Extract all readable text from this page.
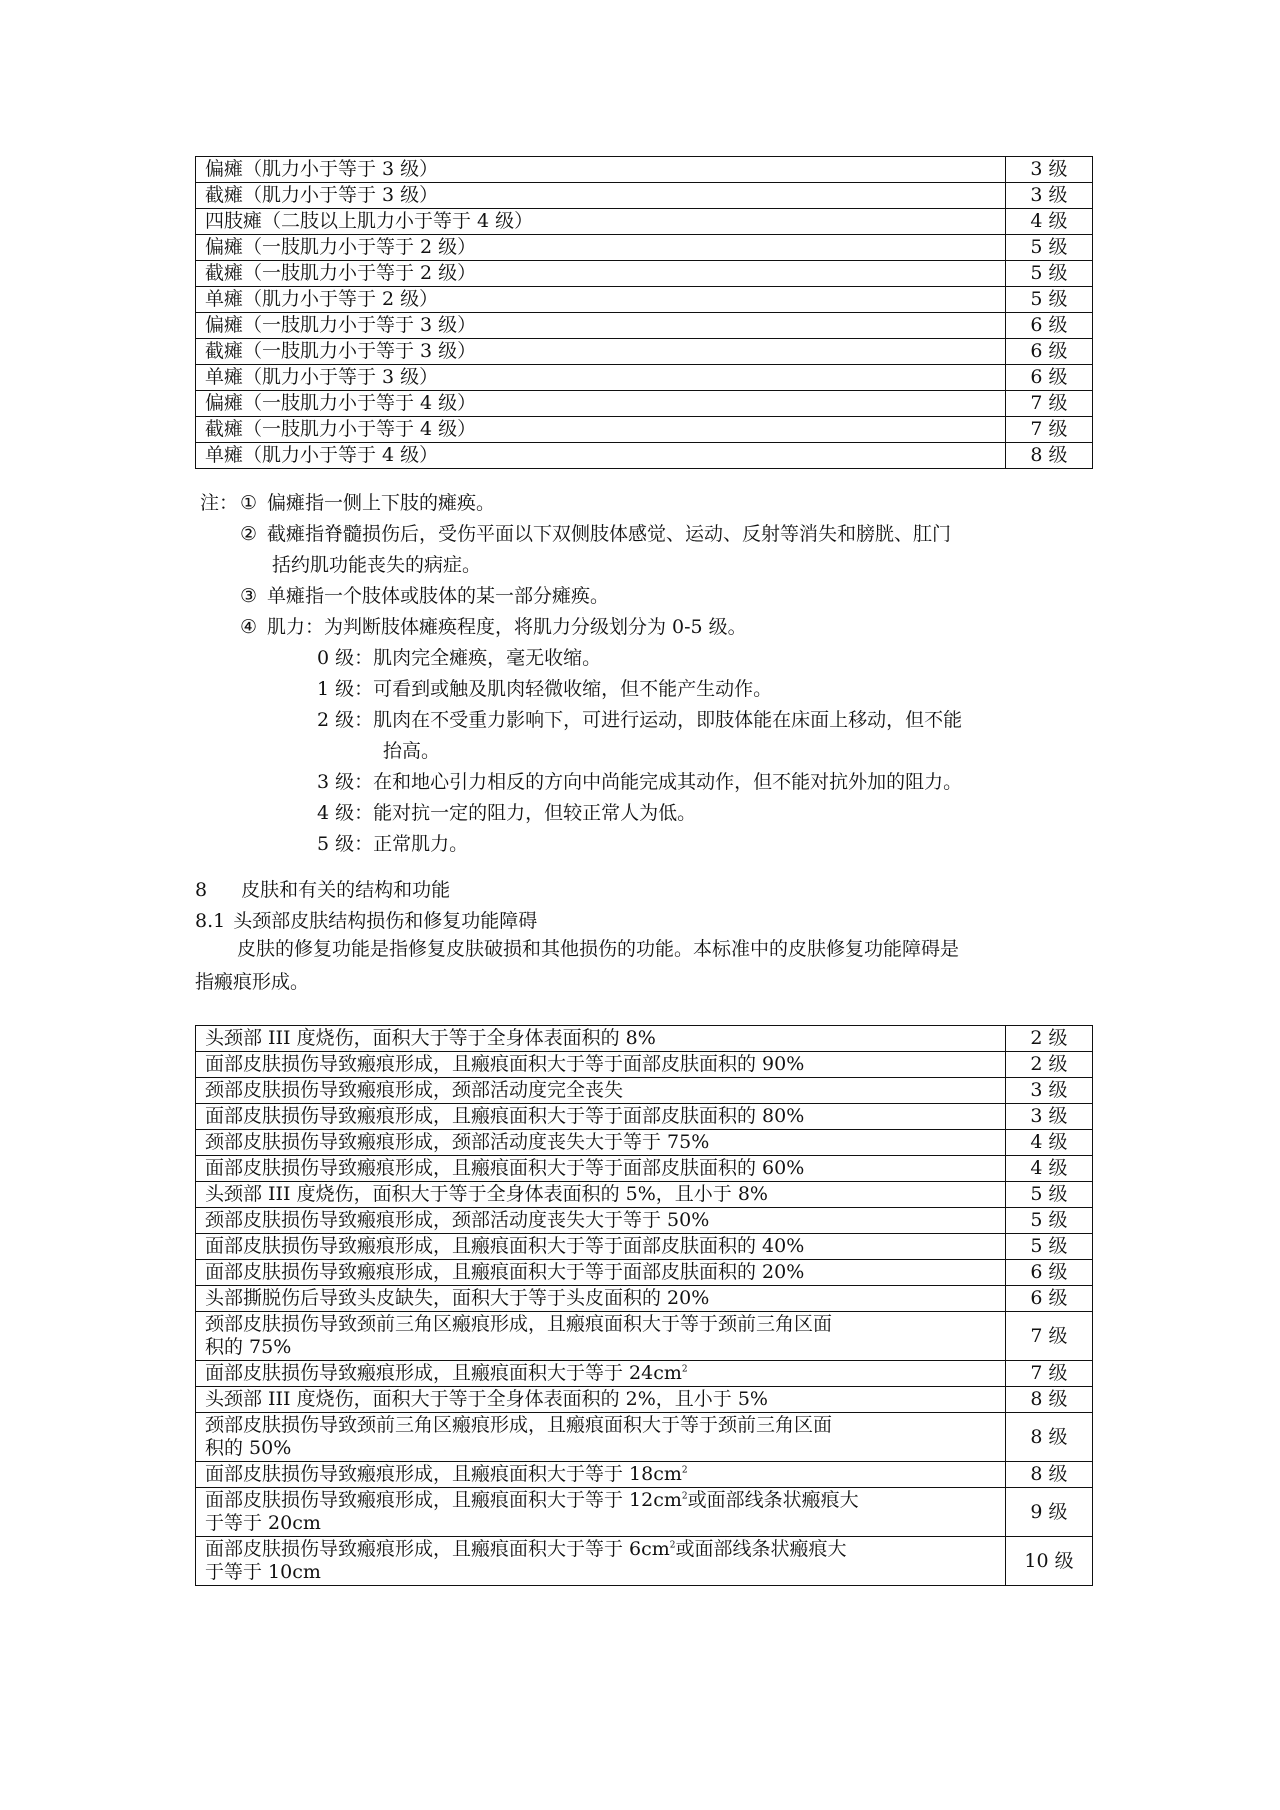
偏瘫（肌力小于等于 3 级）	3 级
截瘫（肌力小于等于 3 级）	3 级
四肢瘫（二肢以上肌力小于等于 4 级）	4 级
偏瘫（一肢肌力小于等于 2 级）	5 级
截瘫（一肢肌力小于等于 2 级）	5 级
单瘫（肌力小于等于 2 级）	5 级
偏瘫（一肢肌力小于等于 3 级）	6 级
截瘫（一肢肌力小于等于 3 级）	6 级
单瘫（肌力小于等于 3 级）	6 级
偏瘫（一肢肌力小于等于 4 级）	7 级
截瘫（一肢肌力小于等于 4 级）	7 级
单瘫（肌力小于等于 4 级）	8 级
注： ① 偏瘫指一侧上下肢的瘫痪。
② 截瘫指脊髓损伤后，受伤平面以下双侧肢体感觉、运动、反射等消失和膀胱、肛门
括约肌功能丧失的病症。
③ 单瘫指一个肢体或肢体的某一部分瘫痪。
④ 肌力：为判断肢体瘫痪程度，将肌力分级划分为 0-5 级。
0 级：肌肉完全瘫痪，毫无收缩。
1 级：可看到或触及肌肉轻微收缩，但不能产生动作。
2 级：肌肉在不受重力影响下，可进行运动，即肢体能在床面上移动，但不能
抬高。
3 级：在和地心引力相反的方向中尚能完成其动作，但不能对抗外加的阻力。
4 级：能对抗一定的阻力，但较正常人为低。
5 级：正常肌力。
8 皮肤和有关的结构和功能
8.1 头颈部皮肤结构损伤和修复功能障碍
皮肤的修复功能是指修复皮肤破损和其他损伤的功能。本标准中的皮肤修复功能障碍是
指瘢痕形成。
头颈部 III 度烧伤，面积大于等于全身体表面积的 8%	2 级

面部皮肤损伤导致瘢痕形成，且瘢痕面积大于等于面部皮肤面积的 90%	2 级

颈部皮肤损伤导致瘢痕形成，颈部活动度完全丧失	3 级

面部皮肤损伤导致瘢痕形成，且瘢痕面积大于等于面部皮肤面积的 80%	3 级

颈部皮肤损伤导致瘢痕形成，颈部活动度丧失大于等于 75%	4 级

面部皮肤损伤导致瘢痕形成，且瘢痕面积大于等于面部皮肤面积的 60%	4 级

头颈部 III 度烧伤，面积大于等于全身体表面积的 5%，且小于 8%	5 级

颈部皮肤损伤导致瘢痕形成，颈部活动度丧失大于等于 50%	5 级

面部皮肤损伤导致瘢痕形成，且瘢痕面积大于等于面部皮肤面积的 40%	5 级

面部皮肤损伤导致瘢痕形成，且瘢痕面积大于等于面部皮肤面积的 20%	6 级

头部撕脱伤后导致头皮缺失，面积大于等于头皮面积的 20%	6 级

颈部皮肤损伤导致颈前三角区瘢痕形成，且瘢痕面积大于等于颈前三角区面
积的 75%	7 级

面部皮肤损伤导致瘢痕形成，且瘢痕面积大于等于 $24cm^2$	7 级

头颈部 III 度烧伤，面积大于等于全身体表面积的 2%，且小于 5%	8 级

颈部皮肤损伤导致颈前三角区瘢痕形成，且瘢痕面积大于等于颈前三角区面
积的 50%	8 级

面部皮肤损伤导致瘢痕形成，且瘢痕面积大于等于 $18cm^2$	8 级

面部皮肤损伤导致瘢痕形成，且瘢痕面积大于等于 $12cm^2$或面部线条状瘢痕大
于等于 20cm	9 级

面部皮肤损伤导致瘢痕形成，且瘢痕面积大于等于 $6cm^2$或面部线条状瘢痕大
于等于 10cm	10 级
